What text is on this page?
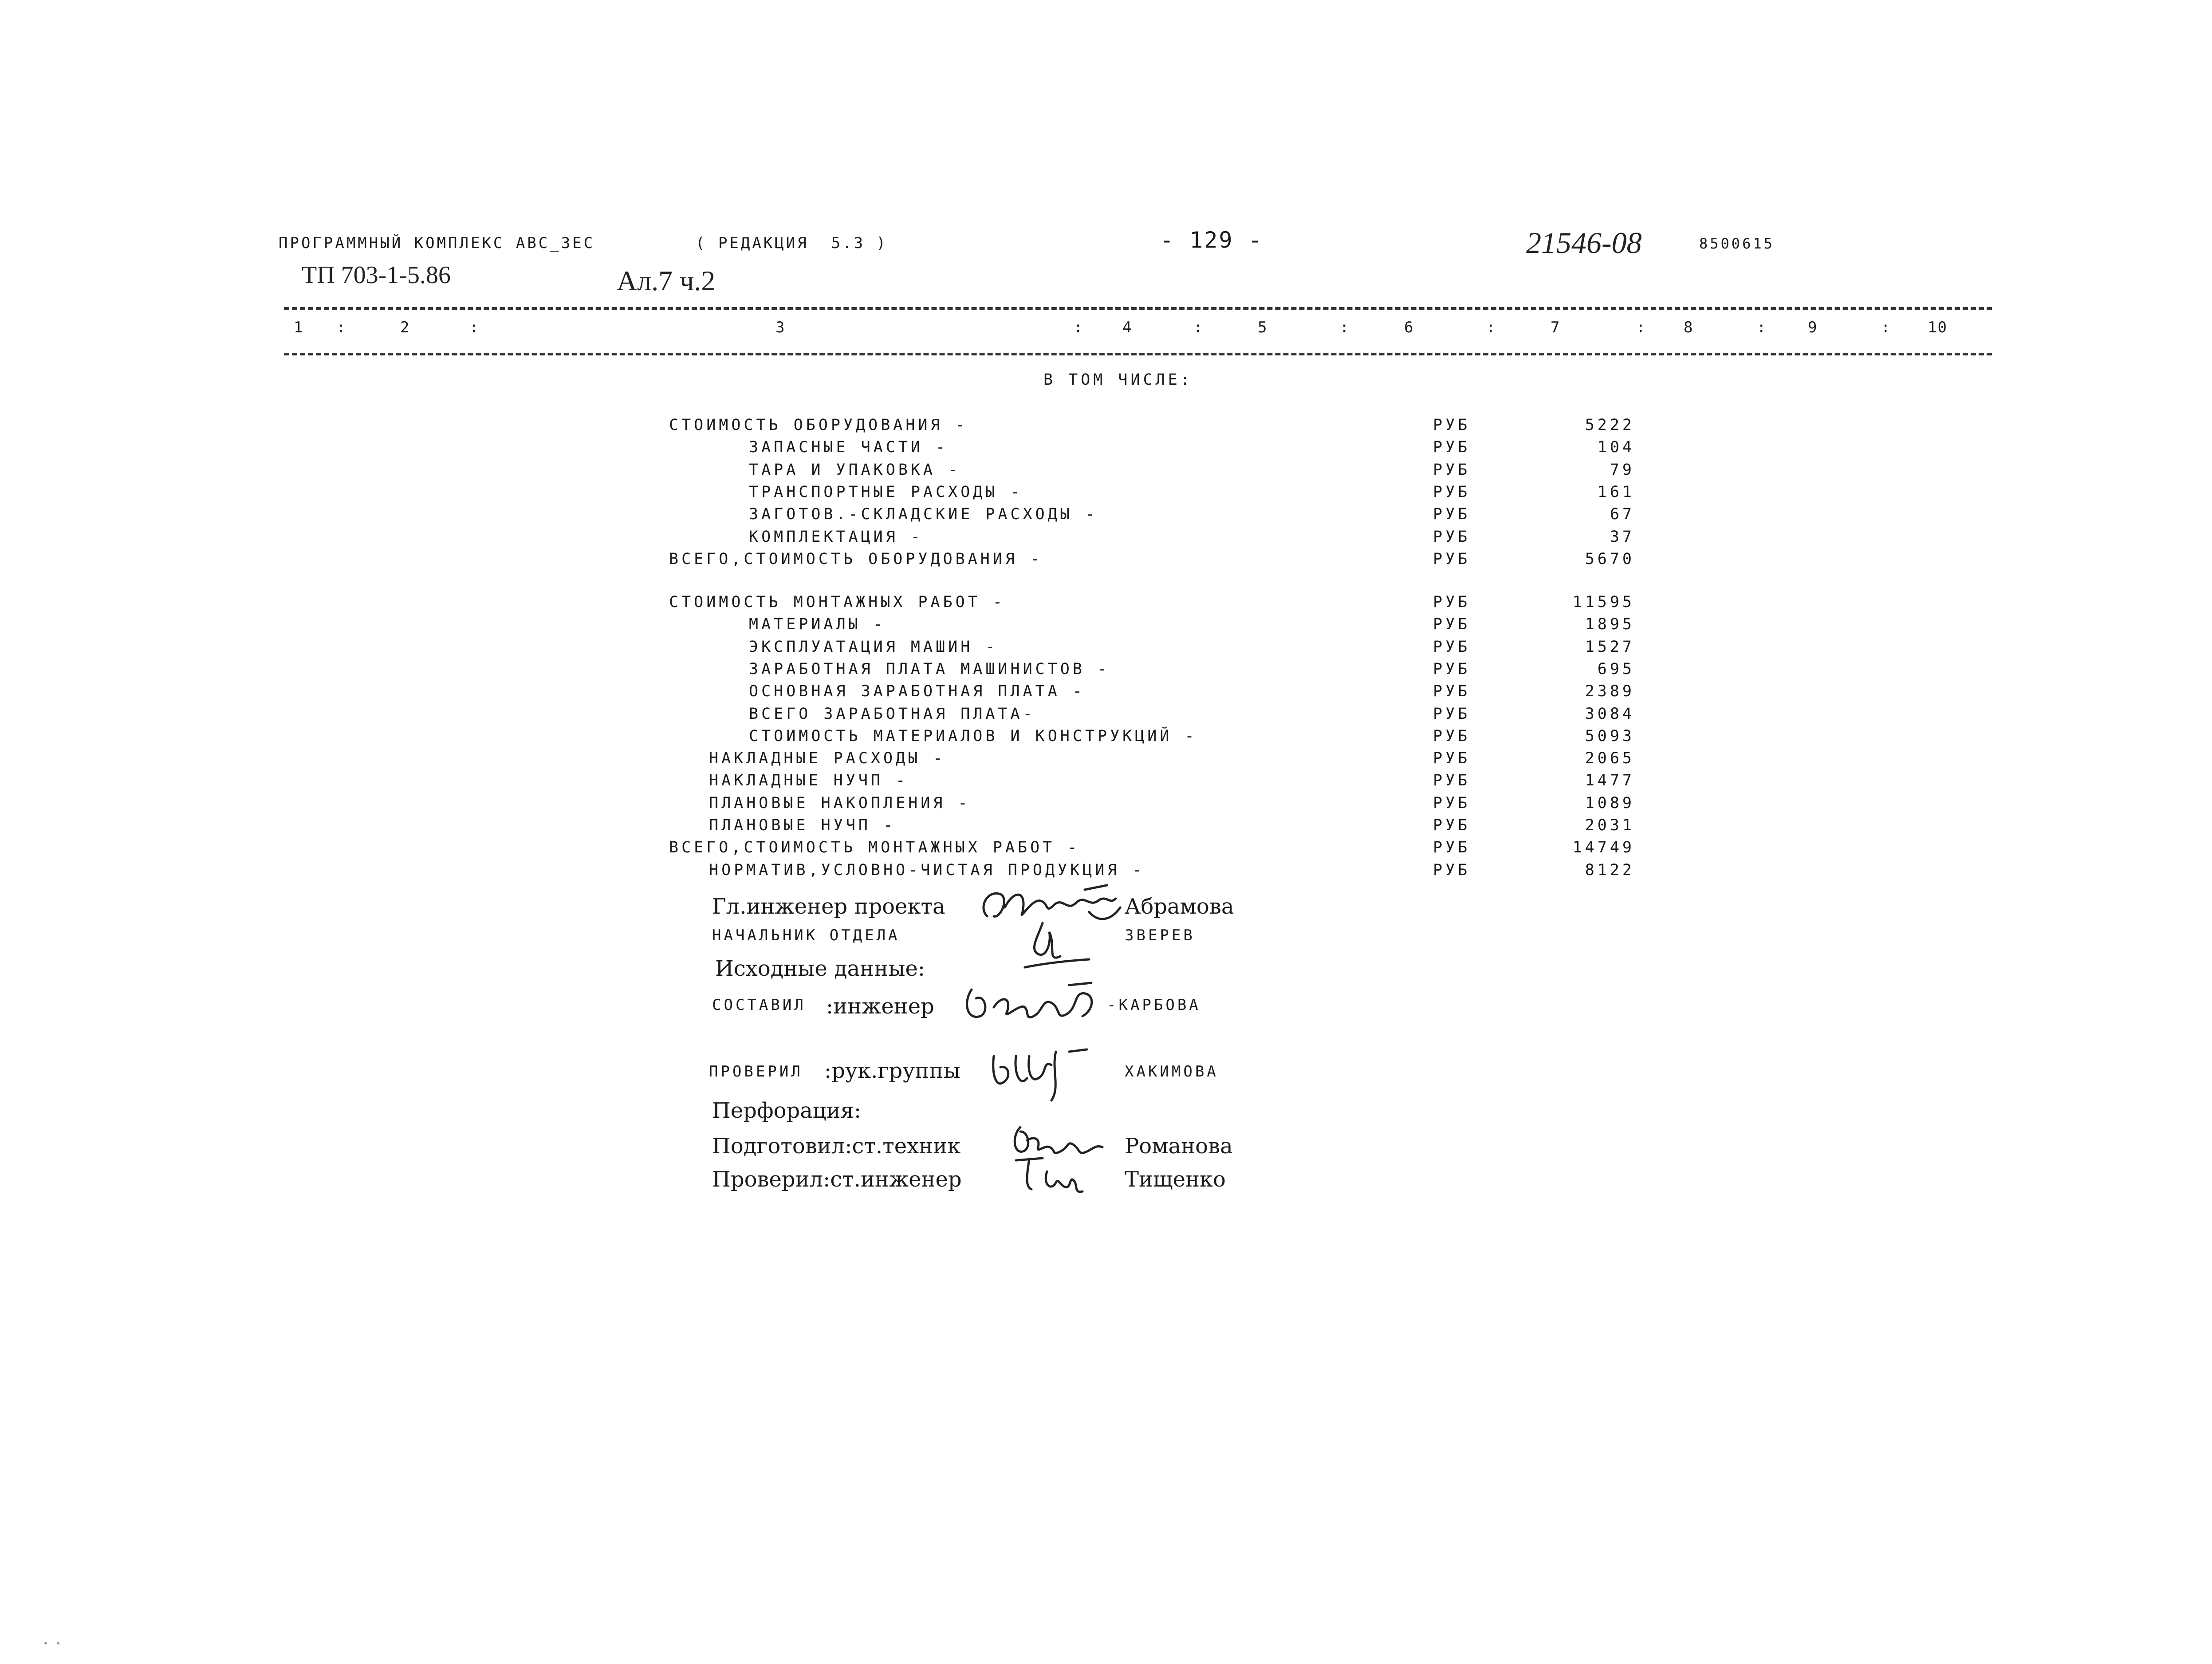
ПРОГРАММНЫЙ КОМПЛЕКС АВС_3ЕС	( РЕДАКЦИЯ  5.3 )	- 129 -	21546-08	8500615
ТП 703-1-5.86	Ал.7 ч.2
1 :	2	:	3	:	4	:	5	:	6	:	7	: 8	:	9	: 10
В ТОМ ЧИСЛЕ:
СТОИМОСТЬ ОБОРУДОВАНИЯ -	РУБ	5222
ЗАПАСНЫЕ ЧАСТИ -	РУБ	104
ТАРА И УПАКОВКА -	РУБ	79
ТРАНСПОРТНЫЕ РАСХОДЫ -	РУБ	161
ЗАГОТОВ.-СКЛАДСКИЕ РАСХОДЫ -	РУБ	67
КОМПЛЕКТАЦИЯ -	РУБ	37
ВСЕГО,СТОИМОСТЬ ОБОРУДОВАНИЯ -	РУБ	5670
СТОИМОСТЬ МОНТАЖНЫХ РАБОТ -	РУБ	11595
МАТЕРИАЛЫ -	РУБ	1895
ЭКСПЛУАТАЦИЯ МАШИН -	РУБ	1527
ЗАРАБОТНАЯ ПЛАТА МАШИНИСТОВ -	РУБ	695
ОСНОВНАЯ ЗАРАБОТНАЯ ПЛАТА -	РУБ	2389
ВСЕГО ЗАРАБОТНАЯ ПЛАТА-	РУБ	3084
СТОИМОСТЬ МАТЕРИАЛОВ И КОНСТРУКЦИЙ -	РУБ	5093
НАКЛАДНЫЕ РАСХОДЫ -	РУБ	2065
НАКЛАДНЫЕ НУЧП -	РУБ	1477
ПЛАНОВЫЕ НАКОПЛЕНИЯ -	РУБ	1089
ПЛАНОВЫЕ НУЧП -	РУБ	2031
ВСЕГО,СТОИМОСТЬ МОНТАЖНЫХ РАБОТ -	РУБ	14749
НОРМАТИВ,УСЛОВНО-ЧИСТАЯ ПРОДУКЦИЯ -	РУБ	8122
Гл.инженер проекта	Абрамова
НАЧАЛЬНИК ОТДЕЛА	ЗВЕРЕВ
Исходные данные:
СОСТАВИЛ :инженер	-КАРБОВА
ПРОВЕРИЛ :рук.группы	ХАКИМОВА
Перфорация:
Подготовил:ст.техник	Романова
Проверил:ст.инженер	Тищенко
